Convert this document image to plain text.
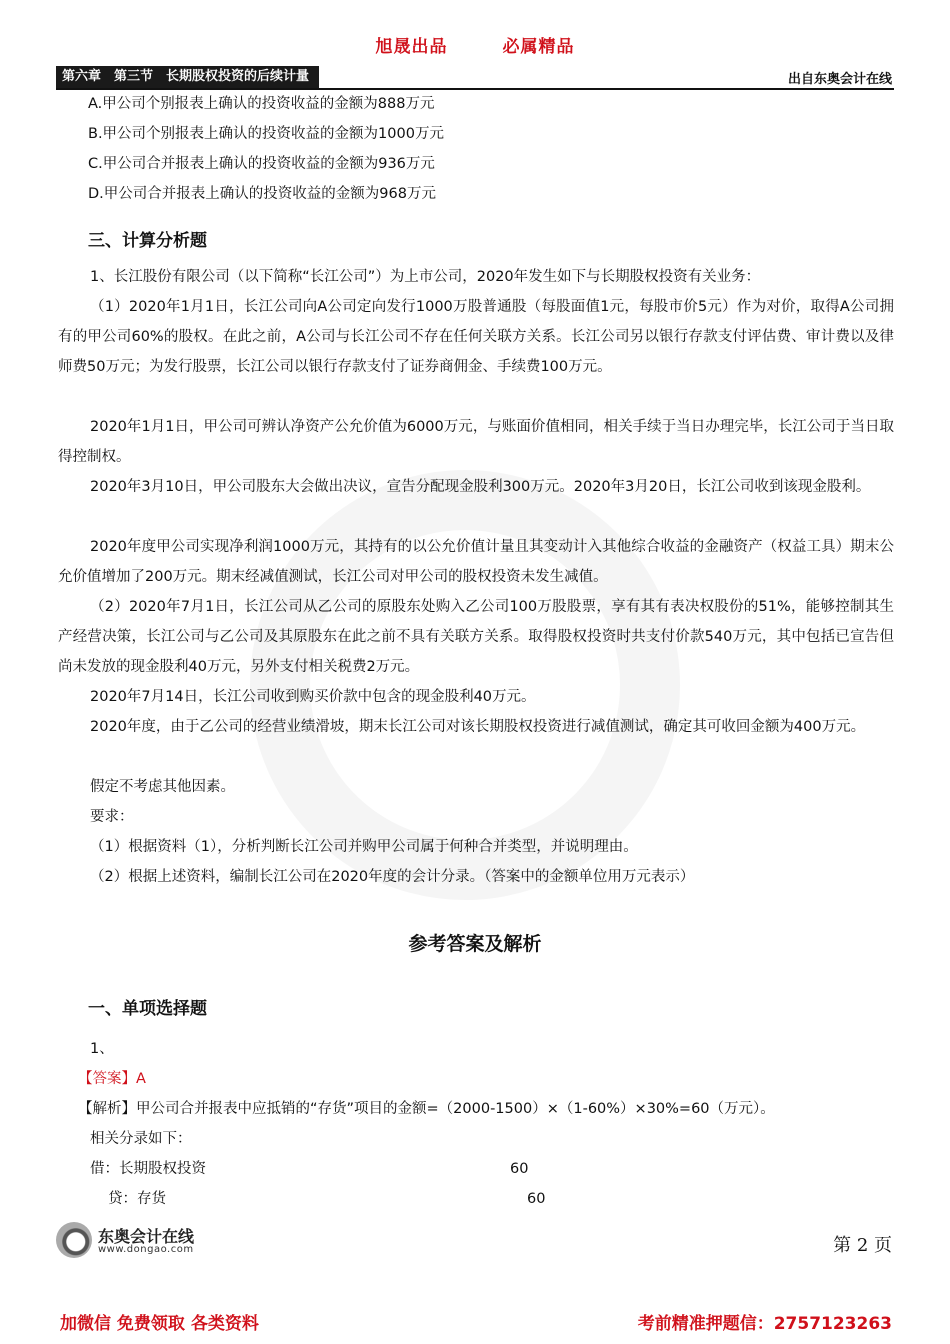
旭晟出品	必属精品
第六章　第三节　长期股权投资的后续计量	出自东奥会计在线
A.甲公司个别报表上确认的投资收益的金额为888万元
B.甲公司个别报表上确认的投资收益的金额为1000万元
C.甲公司合并报表上确认的投资收益的金额为936万元
D.甲公司合并报表上确认的投资收益的金额为968万元
三、计算分析题
1、长江股份有限公司（以下简称“长江公司”）为上市公司，2020年发生如下与长期股权投资有关业务：
（1）2020年1月1日，长江公司向A公司定向发行1000万股普通股（每股面值1元，每股市价5元）作为对价，取得A公司拥有的甲公司60%的股权。在此之前，A公司与长江公司不存在任何关联方关系。长江公司另以银行存款支付评估费、审计费以及律师费50万元；为发行股票，长江公司以银行存款支付了证券商佣金、手续费100万元。
2020年1月1日，甲公司可辨认净资产公允价值为6000万元，与账面价值相同，相关手续于当日办理完毕，长江公司于当日取得控制权。
2020年3月10日，甲公司股东大会做出决议，宣告分配现金股利300万元。2020年3月20日，长江公司收到该现金股利。
2020年度甲公司实现净利润1000万元，其持有的以公允价值计量且其变动计入其他综合收益的金融资产（权益工具）期末公允价值增加了200万元。期末经减值测试，长江公司对甲公司的股权投资未发生减值。
（2）2020年7月1日，长江公司从乙公司的原股东处购入乙公司100万股股票，享有其有表决权股份的51%，能够控制其生产经营决策，长江公司与乙公司及其原股东在此之前不具有关联方关系。取得股权投资时共支付价款540万元，其中包括已宣告但尚未发放的现金股利40万元，另外支付相关税费2万元。
2020年7月14日，长江公司收到购买价款中包含的现金股利40万元。
2020年度，由于乙公司的经营业绩滑坡，期末长江公司对该长期股权投资进行减值测试，确定其可收回金额为400万元。
假定不考虑其他因素。
要求：
（1）根据资料（1），分析判断长江公司并购甲公司属于何种合并类型，并说明理由。
（2）根据上述资料，编制长江公司在2020年度的会计分录。（答案中的金额单位用万元表示）
参考答案及解析
一、单项选择题
1、
【答案】A
【解析】甲公司合并报表中应抵销的“存货”项目的金额=（2000-1500）×（1-60%）×30%=60（万元）。
相关分录如下：
借：长期股权投资	60
贷：存货	60
东奥会计在线
www.dongao.com	第 2 页
加微信 免费领取 各类资料	考前精准押题信：2757123263
